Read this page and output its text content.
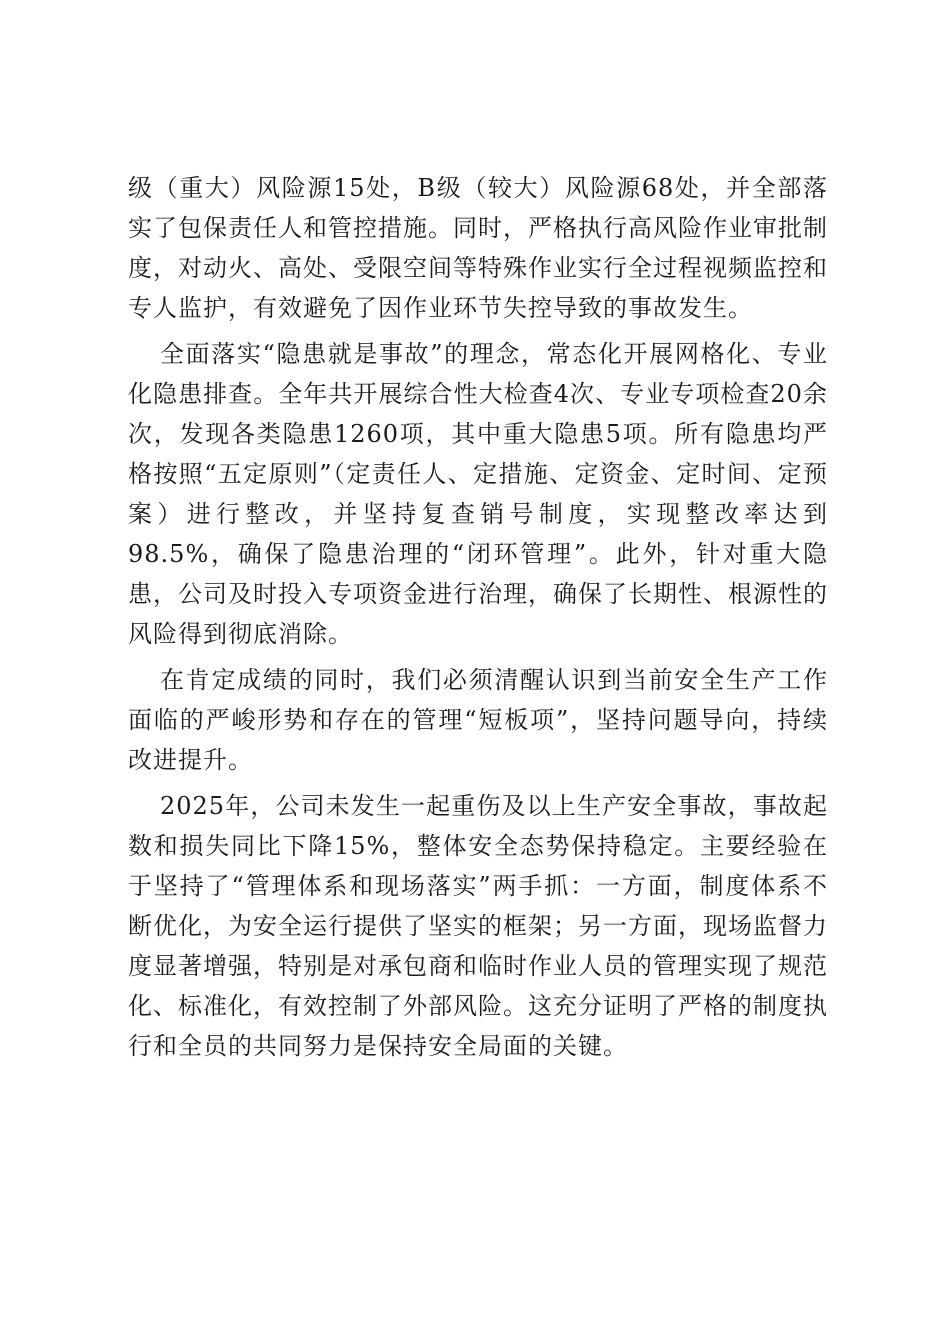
级（重大）风险源15处，B级（较大）风险源68处，并全部落实了包保责任人和管控措施。同时，严格执行高风险作业审批制度，对动火、高处、受限空间等特殊作业实行全过程视频监控和专人监护，有效避免了因作业环节失控导致的事故发生。

全面落实“隐患就是事故”的理念，常态化开展网格化、专业化隐患排查。全年共开展综合性大检查4次、专业专项检查20余次，发现各类隐患1260项，其中重大隐患5项。所有隐患均严格按照“五定原则”（定责任人、定措施、定资金、定时间、定预案）进行整改，并坚持复查销号制度，实现整改率达到98.5%，确保了隐患治理的“闭环管理”。此外，针对重大隐患，公司及时投入专项资金进行治理，确保了长期性、根源性的风险得到彻底消除。

在肯定成绩的同时，我们必须清醒认识到当前安全生产工作面临的严峻形势和存在的管理“短板项”，坚持问题导向，持续改进提升。

2025年，公司未发生一起重伤及以上生产安全事故，事故起数和损失同比下降15%，整体安全态势保持稳定。主要经验在于坚持了“管理体系和现场落实”两手抓：一方面，制度体系不断优化，为安全运行提供了坚实的框架；另一方面，现场监督力度显著增强，特别是对承包商和临时作业人员的管理实现了规范化、标准化，有效控制了外部风险。这充分证明了严格的制度执行和全员的共同努力是保持安全局面的关键。
